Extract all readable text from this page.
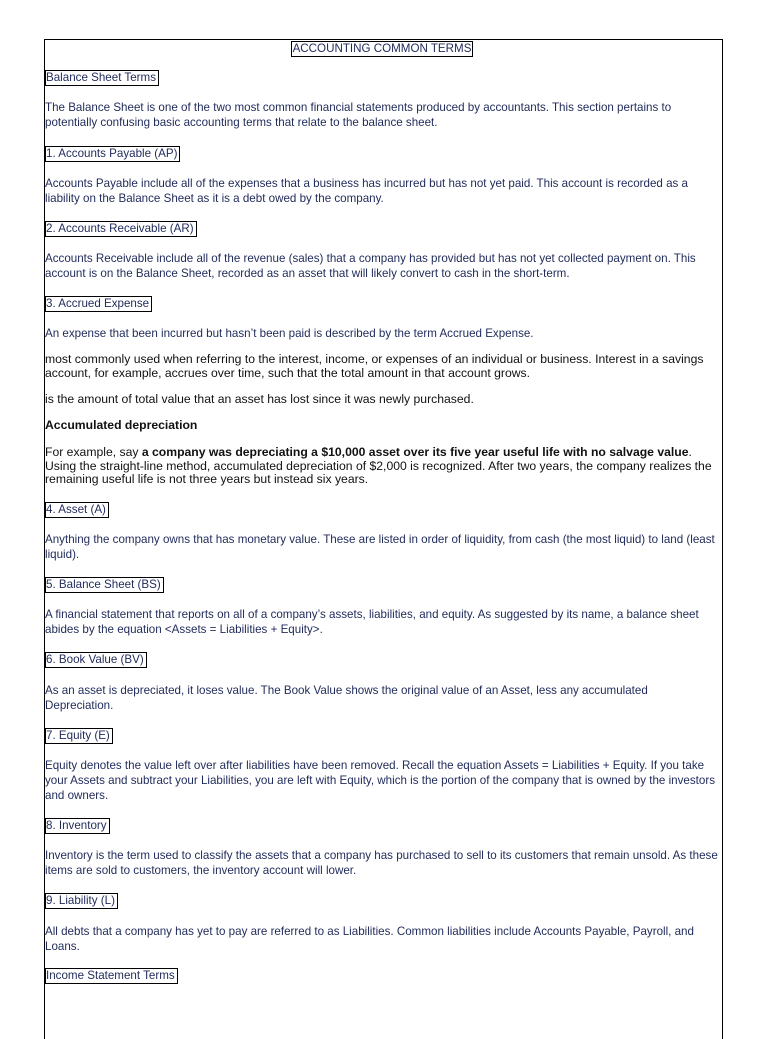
ACCOUNTING COMMON TERMS
Balance Sheet Terms

The Balance Sheet is one of the two most common financial statements produced by accountants. This section pertains to potentially confusing basic accounting terms that relate to the balance sheet.

1. Accounts Payable (AP)

Accounts Payable include all of the expenses that a business has incurred but has not yet paid. This account is recorded as a liability on the Balance Sheet as it is a debt owed by the company.

2. Accounts Receivable (AR)

Accounts Receivable include all of the revenue (sales) that a company has provided but has not yet collected payment on. This account is on the Balance Sheet, recorded as an asset that will likely convert to cash in the short-term.

3. Accrued Expense

An expense that been incurred but hasn’t been paid is described by the term Accrued Expense.

most commonly used when referring to the interest, income, or expenses of an individual or business. Interest in a savings account, for example, accrues over time, such that the total amount in that account grows.

is the amount of total value that an asset has lost since it was newly purchased.

Accumulated depreciation

For example, say a company was depreciating a $10,000 asset over its five year useful life with no salvage value. Using the straight-line method, accumulated depreciation of $2,000 is recognized. After two years, the company realizes the remaining useful life is not three years but instead six years.

4. Asset (A)

Anything the company owns that has monetary value. These are listed in order of liquidity, from cash (the most liquid) to land (least liquid).

5. Balance Sheet (BS)

A financial statement that reports on all of a company’s assets, liabilities, and equity. As suggested by its name, a balance sheet abides by the equation <Assets = Liabilities + Equity>.

6. Book Value (BV)

As an asset is depreciated, it loses value. The Book Value shows the original value of an Asset, less any accumulated Depreciation.

7. Equity (E)

Equity denotes the value left over after liabilities have been removed. Recall the equation Assets = Liabilities + Equity. If you take your Assets and subtract your Liabilities, you are left with Equity, which is the portion of the company that is owned by the investors and owners.

8. Inventory

Inventory is the term used to classify the assets that a company has purchased to sell to its customers that remain unsold. As these items are sold to customers, the inventory account will lower.

9. Liability (L)

All debts that a company has yet to pay are referred to as Liabilities. Common liabilities include Accounts Payable, Payroll, and Loans.

Income Statement Terms
